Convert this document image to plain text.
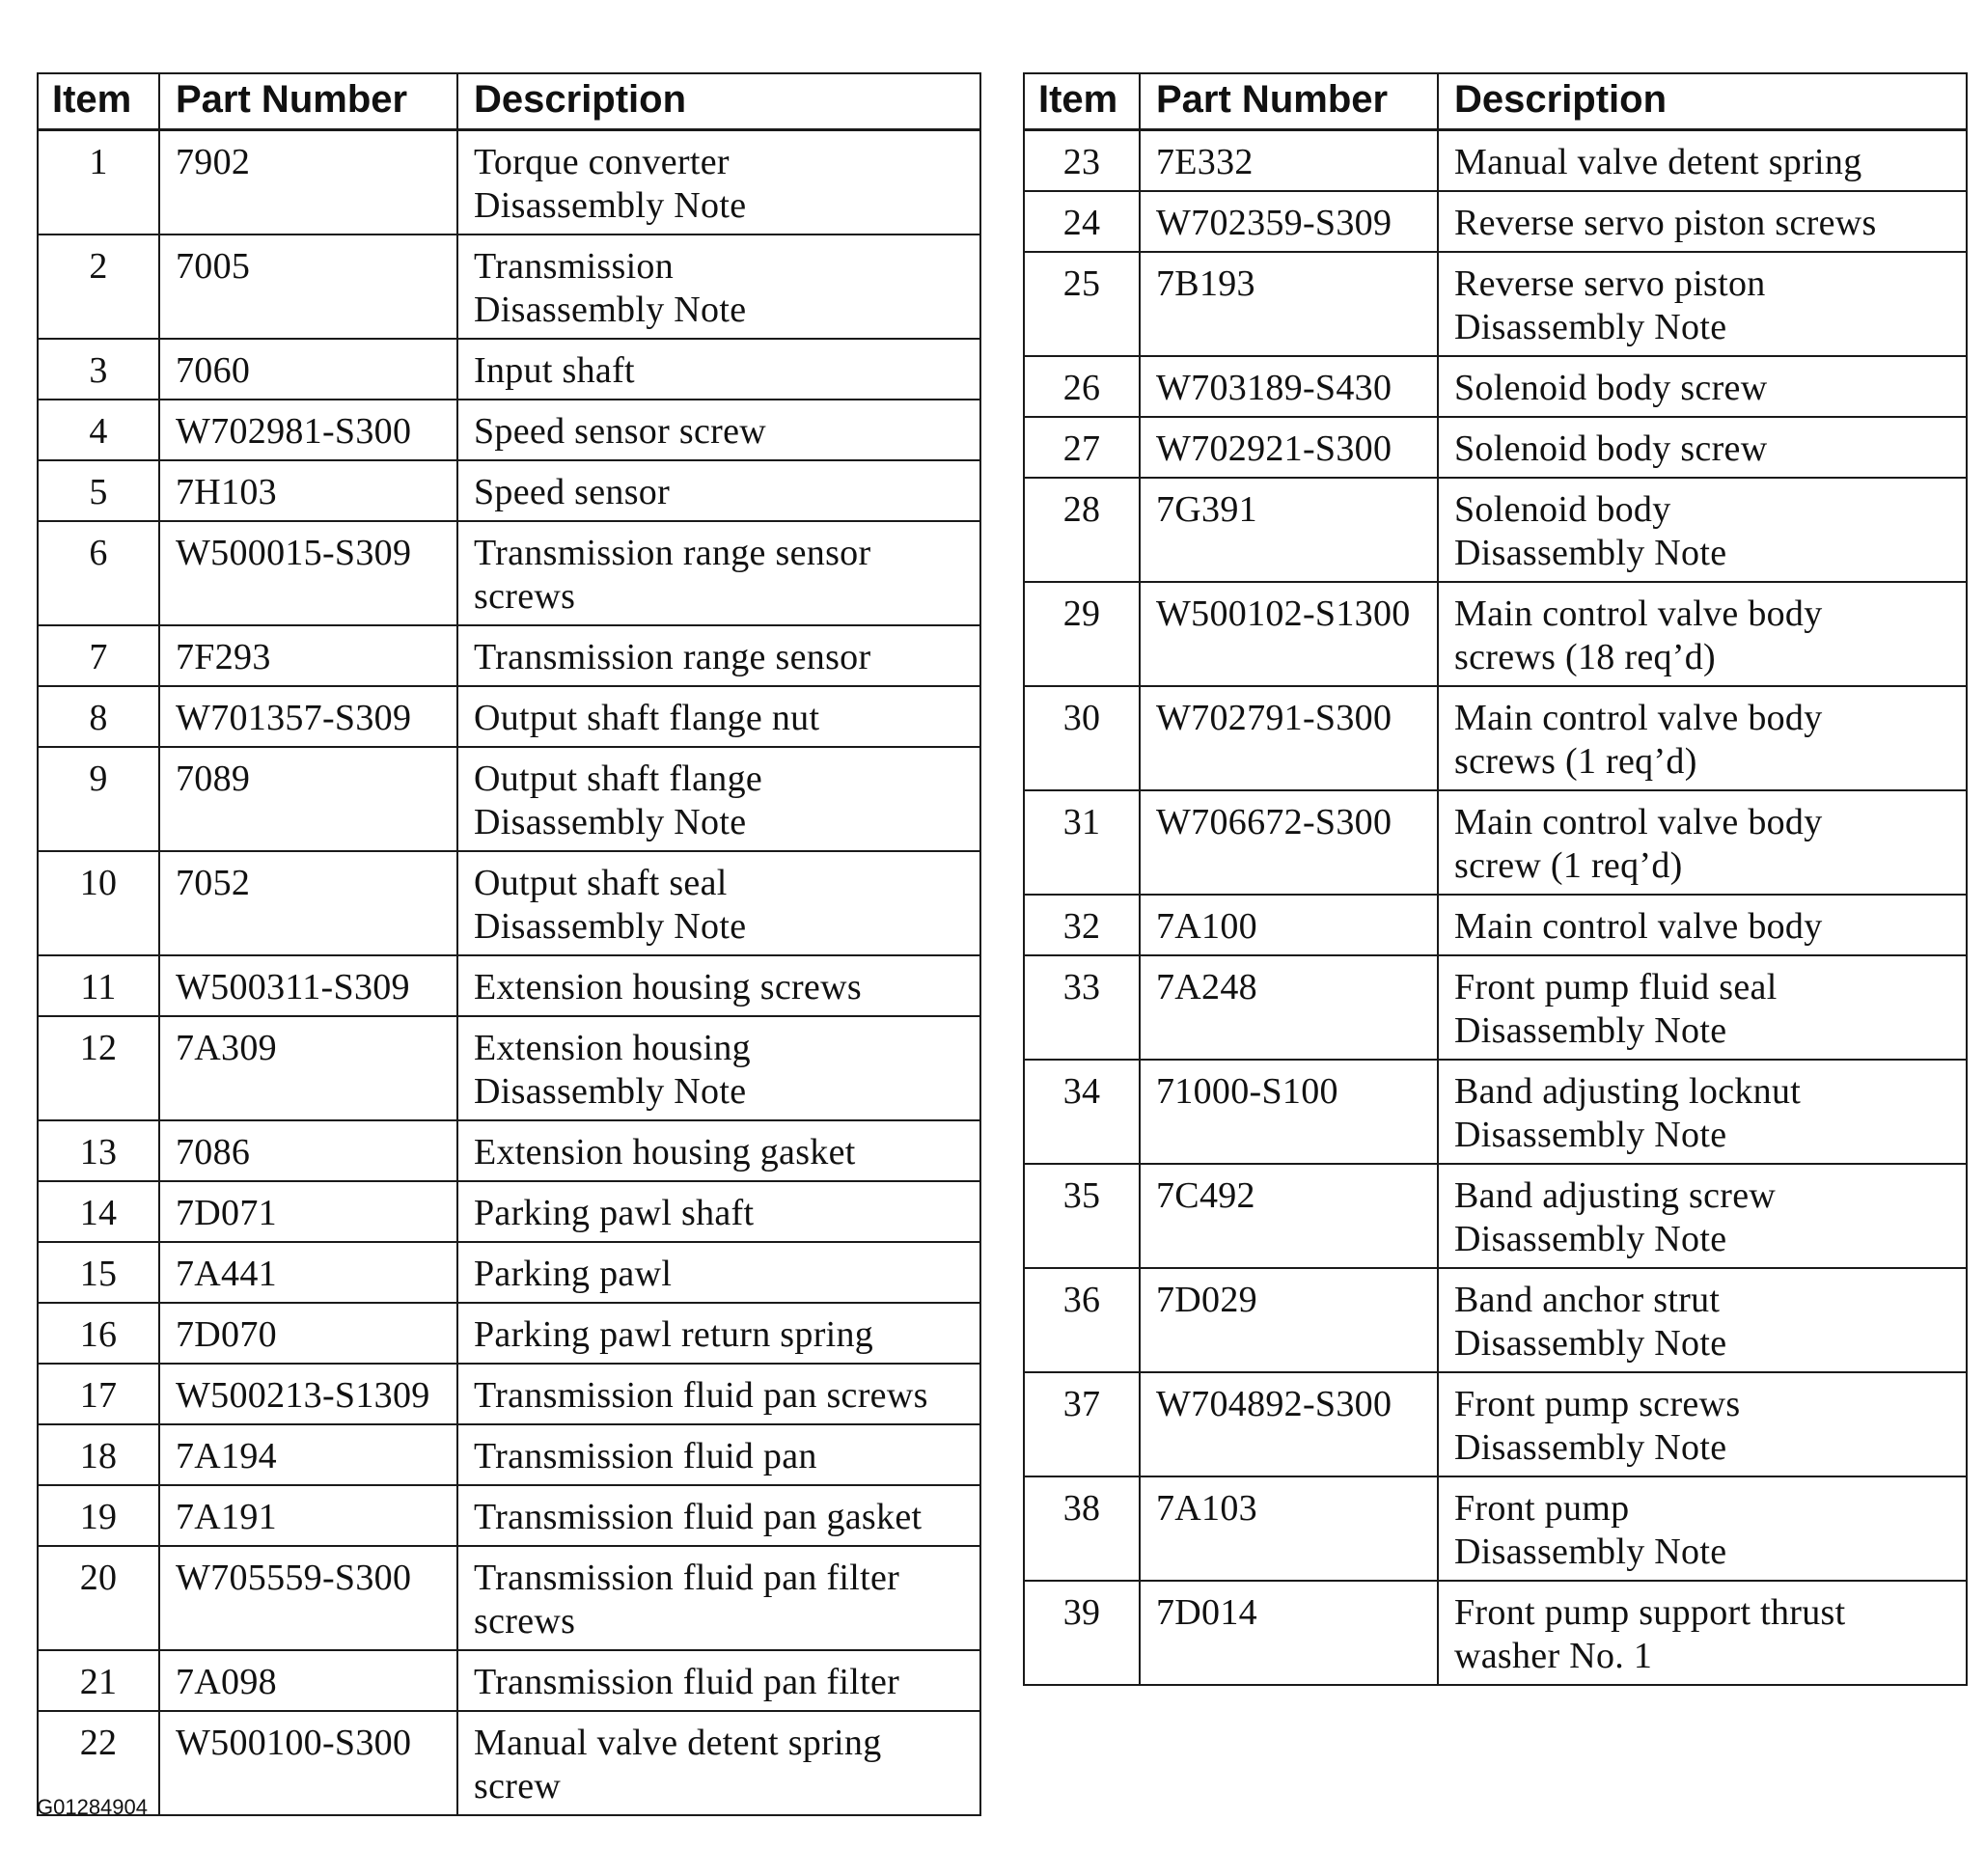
Item	Part Number	Description
1	7902	Torque converter
Disassembly Note
2	7005	Transmission
Disassembly Note
3	7060	Input shaft
4	W702981-S300	Speed sensor screw
5	7H103	Speed sensor
6	W500015-S309	Transmission range sensor
screws
7	7F293	Transmission range sensor
8	W701357-S309	Output shaft flange nut
9	7089	Output shaft flange
Disassembly Note
10	7052	Output shaft seal
Disassembly Note
11	W500311-S309	Extension housing screws
12	7A309	Extension housing
Disassembly Note
13	7086	Extension housing gasket
14	7D071	Parking pawl shaft
15	7A441	Parking pawl
16	7D070	Parking pawl return spring
17	W500213-S1309	Transmission fluid pan screws
18	7A194	Transmission fluid pan
19	7A191	Transmission fluid pan gasket
20	W705559-S300	Transmission fluid pan filter
screws
21	7A098	Transmission fluid pan filter
22	W500100-S300	Manual valve detent spring
screw
Item	Part Number	Description
23	7E332	Manual valve detent spring
24	W702359-S309	Reverse servo piston screws
25	7B193	Reverse servo piston
Disassembly Note
26	W703189-S430	Solenoid body screw
27	W702921-S300	Solenoid body screw
28	7G391	Solenoid body
Disassembly Note
29	W500102-S1300	Main control valve body
screws (18 req’d)
30	W702791-S300	Main control valve body
screws (1 req’d)
31	W706672-S300	Main control valve body
screw (1 req’d)
32	7A100	Main control valve body
33	7A248	Front pump fluid seal
Disassembly Note
34	71000-S100	Band adjusting locknut
Disassembly Note
35	7C492	Band adjusting screw
Disassembly Note
36	7D029	Band anchor strut
Disassembly Note
37	W704892-S300	Front pump screws
Disassembly Note
38	7A103	Front pump
Disassembly Note
39	7D014	Front pump support thrust
washer No. 1
G01284904
